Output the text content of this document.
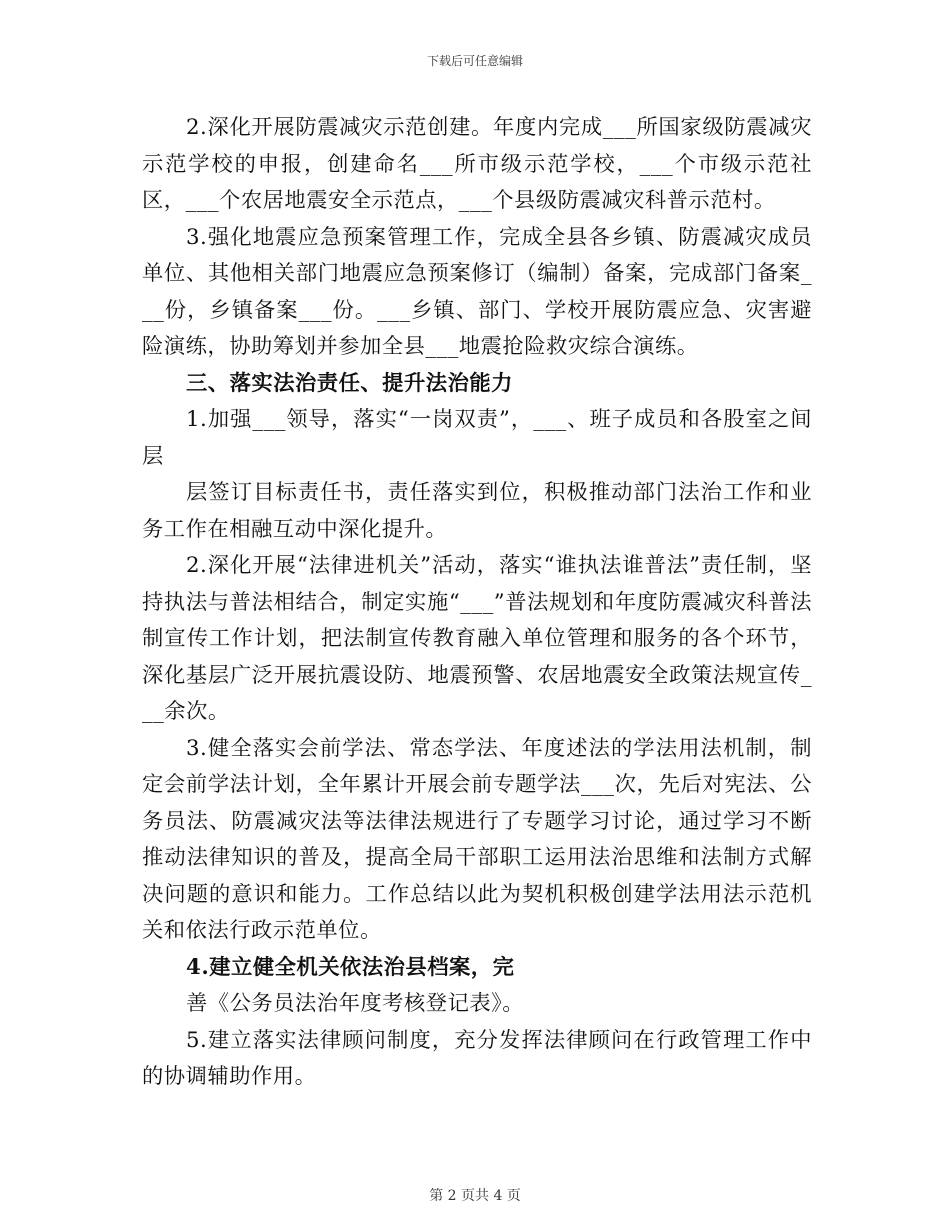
下载后可任意编辑

2.深化开展防震减灾示范创建。年度内完成___所国家级防震减灾示范学校的申报，创建命名___所市级示范学校，___个市级示范社区，___个农居地震安全示范点，___个县级防震减灾科普示范村。

3.强化地震应急预案管理工作，完成全县各乡镇、防震减灾成员单位、其他相关部门地震应急预案修订（编制）备案，完成部门备案___份，乡镇备案___份。___乡镇、部门、学校开展防震应急、灾害避险演练，协助筹划并参加全县___地震抢险救灾综合演练。

三、落实法治责任、提升法治能力

1.加强___领导，落实“一岗双责”，___、班子成员和各股室之间层

层签订目标责任书，责任落实到位，积极推动部门法治工作和业务工作在相融互动中深化提升。

2.深化开展“法律进机关”活动，落实“谁执法谁普法”责任制，坚持执法与普法相结合，制定实施“___”普法规划和年度防震减灾科普法制宣传工作计划，把法制宣传教育融入单位管理和服务的各个环节，深化基层广泛开展抗震设防、地震预警、农居地震安全政策法规宣传___余次。

3.健全落实会前学法、常态学法、年度述法的学法用法机制，制定会前学法计划，全年累计开展会前专题学法___次，先后对宪法、公务员法、防震减灾法等法律法规进行了专题学习讨论，通过学习不断推动法律知识的普及，提高全局干部职工运用法治思维和法制方式解决问题的意识和能力。工作总结以此为契机积极创建学法用法示范机关和依法行政示范单位。

4.建立健全机关依法治县档案，完

善《公务员法治年度考核登记表》。

5.建立落实法律顾问制度，充分发挥法律顾问在行政管理工作中的协调辅助作用。

第 2 页共 4 页
